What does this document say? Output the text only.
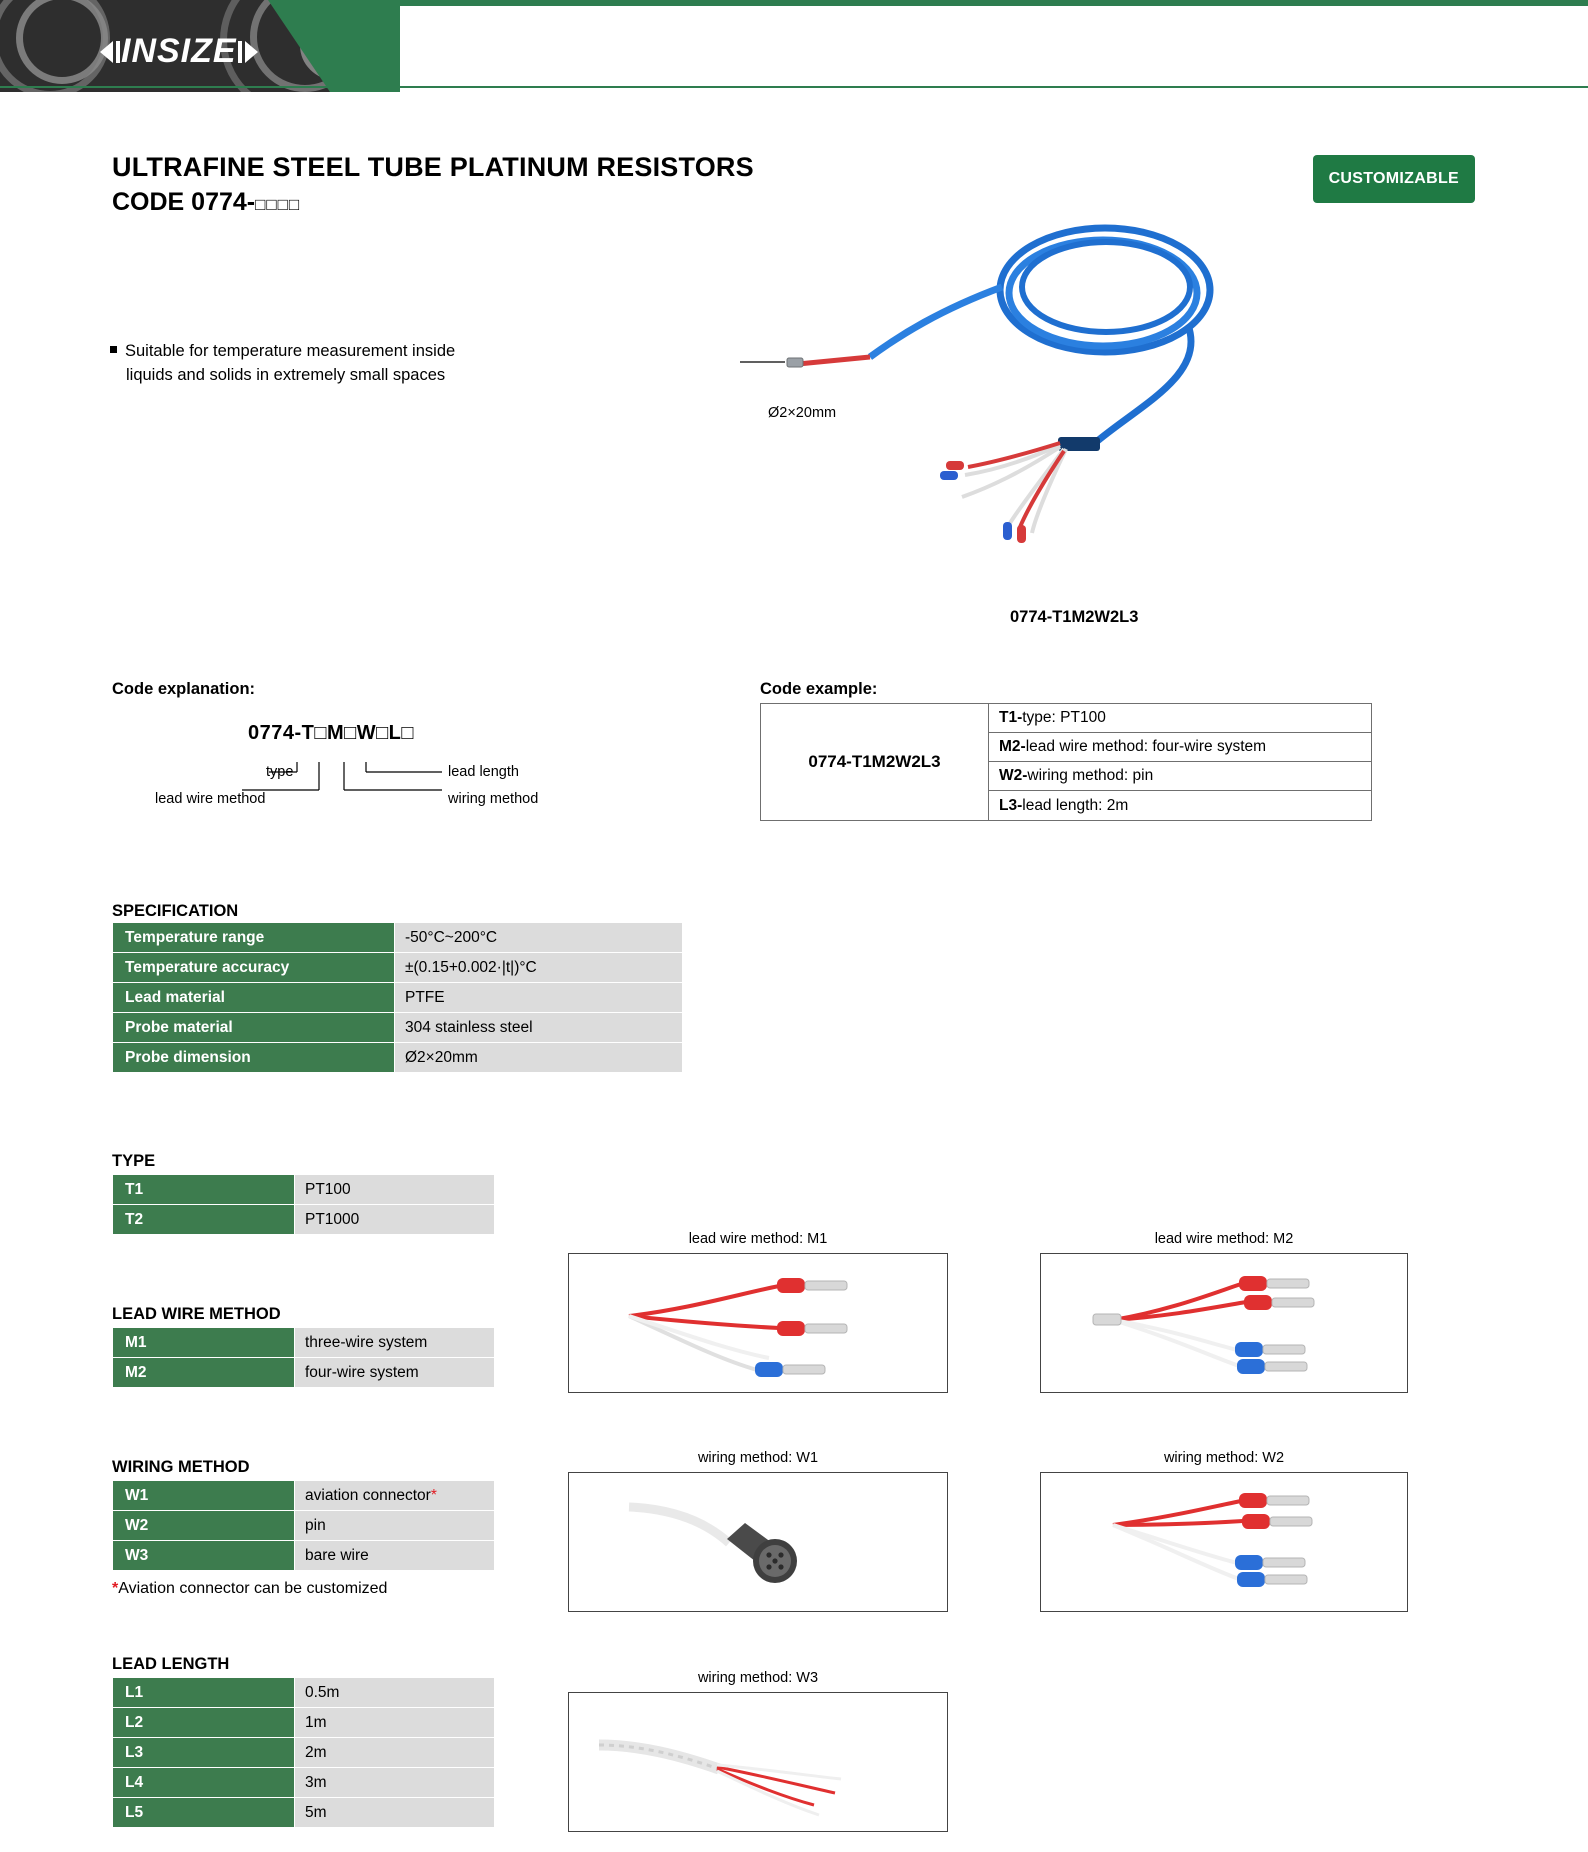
INSIZE
ULTRAFINE STEEL TUBE PLATINUM RESISTORS
CODE 0774-□□□□
CUSTOMIZABLE
Suitable for temperature measurement inside
liquids and solids in extremely small spaces
Ø2×20mm
0774-T1M2W2L3
Code explanation:
0774-T□M□W□L□
type
lead wire method
lead length
wiring method
Code example:
0774-T1M2W2L3
T1- type: PT100
M2- lead wire method: four-wire system
W2- wiring method: pin
L3- lead length: 2m
SPECIFICATION
Temperature range	-50°C~200°C
Temperature accuracy	±(0.15+0.002·|t|)°C
Lead material	PTFE
Probe material	304 stainless steel
Probe dimension	Ø2×20mm
TYPE
T1	PT100
T2	PT1000
LEAD WIRE METHOD
M1	three-wire system
M2	four-wire system
WIRING METHOD
W1	aviation connector*
W2	pin
W3	bare wire
*Aviation connector can be customized
LEAD LENGTH
L1	0.5m
L2	1m
L3	2m
L4	3m
L5	5m
lead wire method: M1	lead wire method: M2
wiring method: W1	wiring method: W2
wiring method: W3
